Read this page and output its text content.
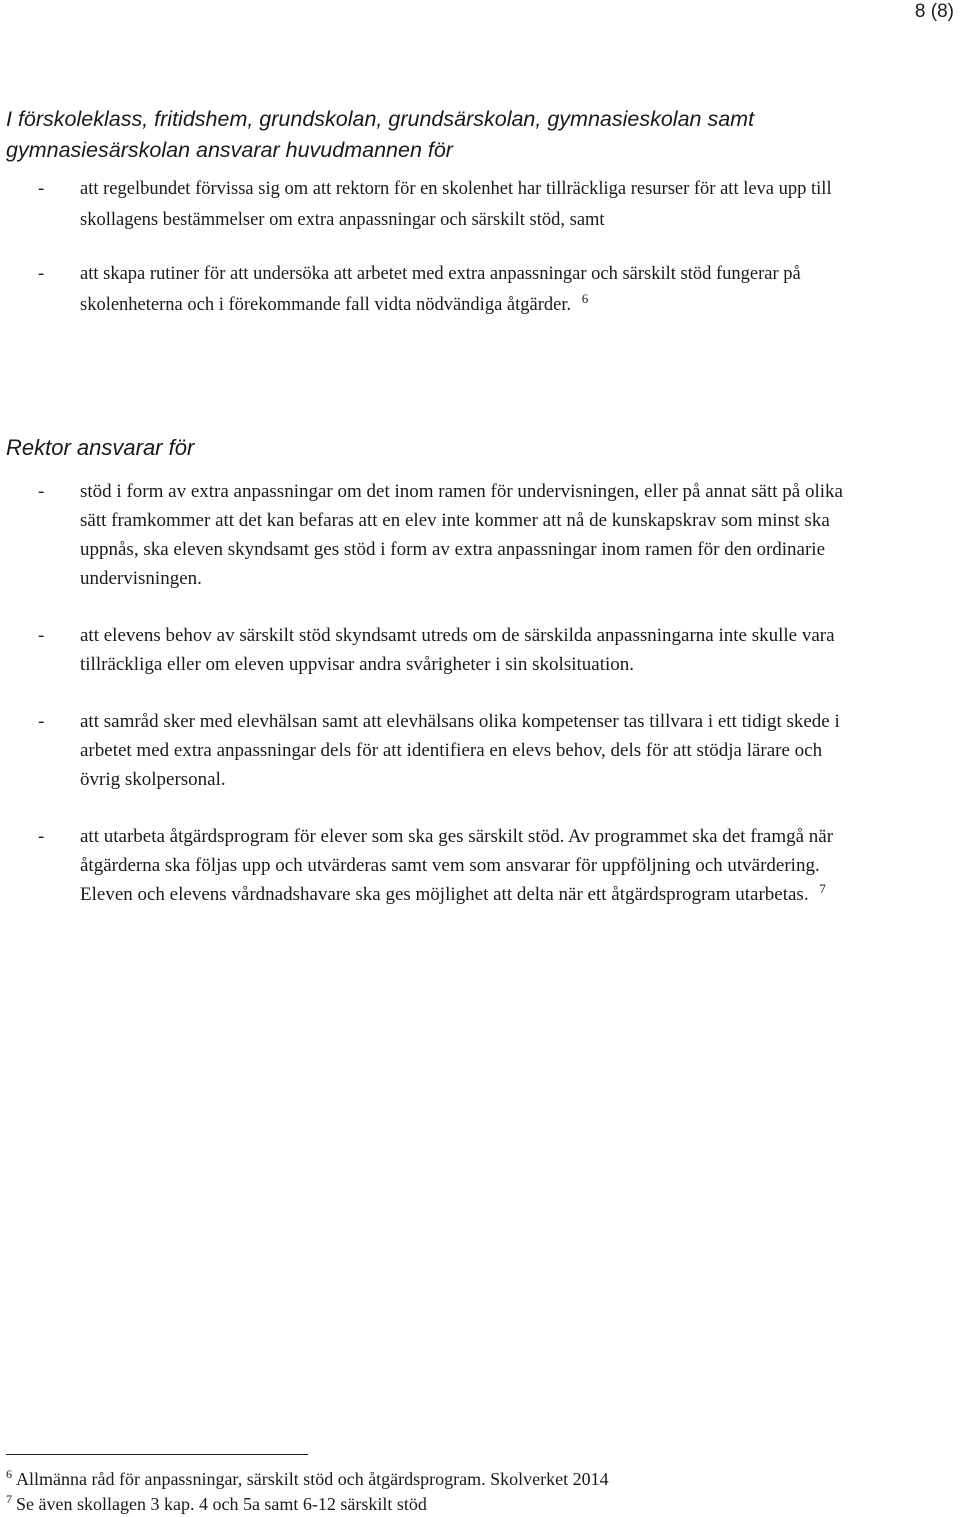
8 (8)
I förskoleklass, fritidshem, grundskolan, grundsärskolan, gymnasieskolan samt gymnasiesärskolan ansvarar huvudmannen för
- att regelbundet förvissa sig om att rektorn för en skolenhet har tillräckliga resurser för att leva upp till skollagens bestämmelser om extra anpassningar och särskilt stöd, samt
- att skapa rutiner för att undersöka att arbetet med extra anpassningar och särskilt stöd fungerar på skolenheterna och i förekommande fall vidta nödvändiga åtgärder. $^6$
Rektor ansvarar för
- stöd i form av extra anpassningar om det inom ramen för undervisningen, eller på annat sätt på olika sätt framkommer att det kan befaras att en elev inte kommer att nå de kunskapskrav som minst ska uppnås, ska eleven skyndsamt ges stöd i form av extra anpassningar inom ramen för den ordinarie undervisningen.
- att elevens behov av särskilt stöd skyndsamt utreds om de särskilda anpassningarna inte skulle vara tillräckliga eller om eleven uppvisar andra svårigheter i sin skolsituation.
- att samråd sker med elevhälsan samt att elevhälsans olika kompetenser tas tillvara i ett tidigt skede i arbetet med extra anpassningar dels för att identifiera en elevs behov, dels för att stödja lärare och övrig skolpersonal.
- att utarbeta åtgärdsprogram för elever som ska ges särskilt stöd. Av programmet ska det framgå när åtgärderna ska följas upp och utvärderas samt vem som ansvarar för uppföljning och utvärdering. Eleven och elevens vårdnadshavare ska ges möjlighet att delta när ett åtgärdsprogram utarbetas. $^7$
$^6$ Allmänna råd för anpassningar, särskilt stöd och åtgärdsprogram. Skolverket 2014
$^7$ Se även skollagen 3 kap. 4 och 5a samt 6-12 särskilt stöd
